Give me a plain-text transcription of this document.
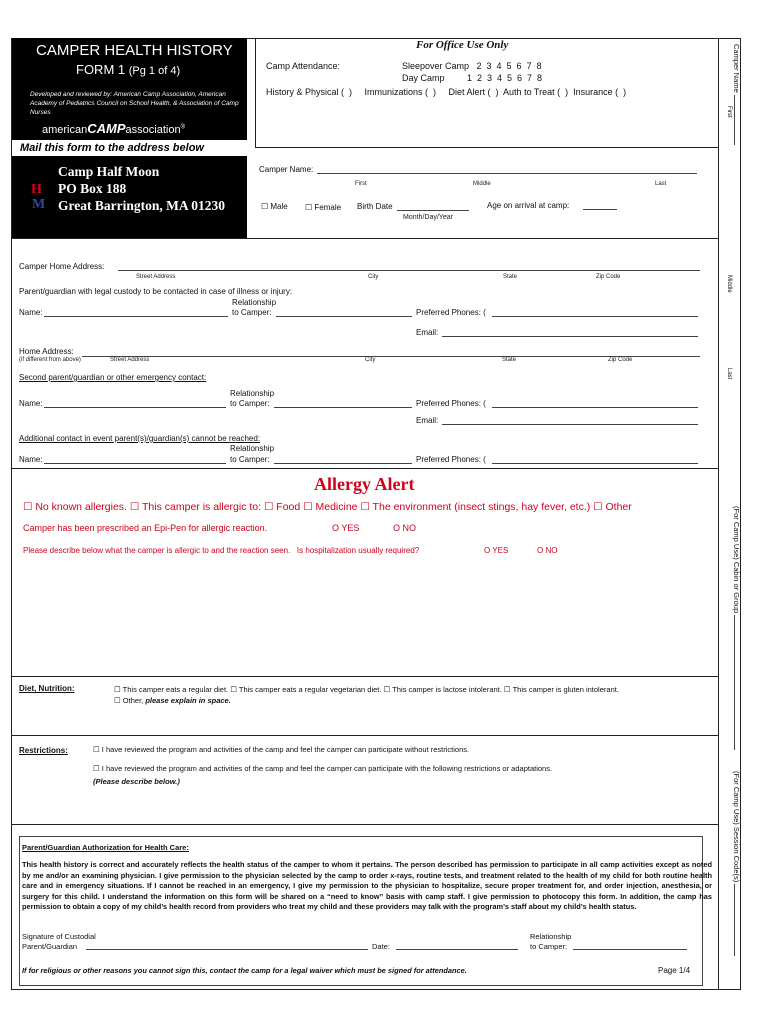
CAMPER HEALTH HISTORY
FORM 1 (Pg 1 of 4)
Developed and reviewed by: American Camp Association, American Academy of Pediatrics Council on School Health, & Association of Camp Nurses
americanCAMPassociation®
Mail this form to the address below
H
M
Camp Half Moon
PO Box 188
Great Barrington, MA 01230
For Office Use Only
Camp Attendance:	Sleepover Camp   2  3  4  5  6  7  8
Day Camp         1  2  3  4  5  6  7  8
History & Physical (  )     Immunizations (  )     Diet Alert (  )  Auth to Treat (  )  Insurance (  )
Camper Name:
First	Middle	Last
☐ Male ☐ Female Birth Date
Month/Day/Year
Age on arrival at camp:
Camper Home Address:
Street Address	City	State	Zip Code
Parent/guardian with legal custody to be contacted in case of illness or injury:
Relationship
Name:	to Camper:	Preferred Phones: (
Email:
Home Address:
(if different from above)	Street Address	City	State	Zip Code
Second parent/guardian or other emergency contact:
Relationship
Name:	to Camper:	Preferred Phones: (
Email:
Additional contact in event parent(s)/guardian(s) cannot be reached:
Relationship
Name:	to Camper:	Preferred Phones: (
Allergy Alert
☐ No known allergies. ☐ This camper is allergic to: ☐ Food ☐ Medicine ☐ The environment (insect stings, hay fever, etc.) ☐ Other
Camper has been prescribed an Epi-Pen for allergic reaction.	O YES	O NO
Please describe below what the camper is allergic to and the reaction seen.   Is hospitalization usually required?	O YES	O NO
Diet, Nutrition:	☐ This camper eats a regular diet. ☐ This camper eats a regular vegetarian diet. ☐ This camper is lactose intolerant. ☐ This camper is gluten intolerant.
☐ Other, please explain in space.
Restrictions:	☐ I have reviewed the program and activities of the camp and feel the camper can participate without restrictions.
☐ I have reviewed the program and activities of the camp and feel the camper can participate with the following restrictions or adaptations.
(Please describe below.)
Parent/Guardian Authorization for Health Care:
This health history is correct and accurately reflects the health status of the camper to whom it pertains. The person described has permission to participate in all camp activities except as noted by me and/or an examining physician. I give permission to the physician selected by the camp to order x-rays, routine tests, and treatment related to the health of my child for both routine health care and in emergency situations. If I cannot be reached in an emergency, I give my permission to the physician to hospitalize, secure proper treatment for, and order injection, anesthesia, or surgery for this child. I understand the information on this form will be shared on a “need to know” basis with camp staff. I give permission to photocopy this form. In addition, the camp has permission to obtain a copy of my child’s health record from providers who treat my child and these providers may talk with the program’s staff about my child’s health status.
Signature of Custodial
Parent/Guardian	Date:
Relationship
to Camper:
If for religious or other reasons you cannot sign this, contact the camp for a legal waiver which must be signed for attendance.	Page 1/4
Camper Name
First
Middle
Last
(For Camp Use) Cabin or Group
(For Camp Use) Session Code(s)
